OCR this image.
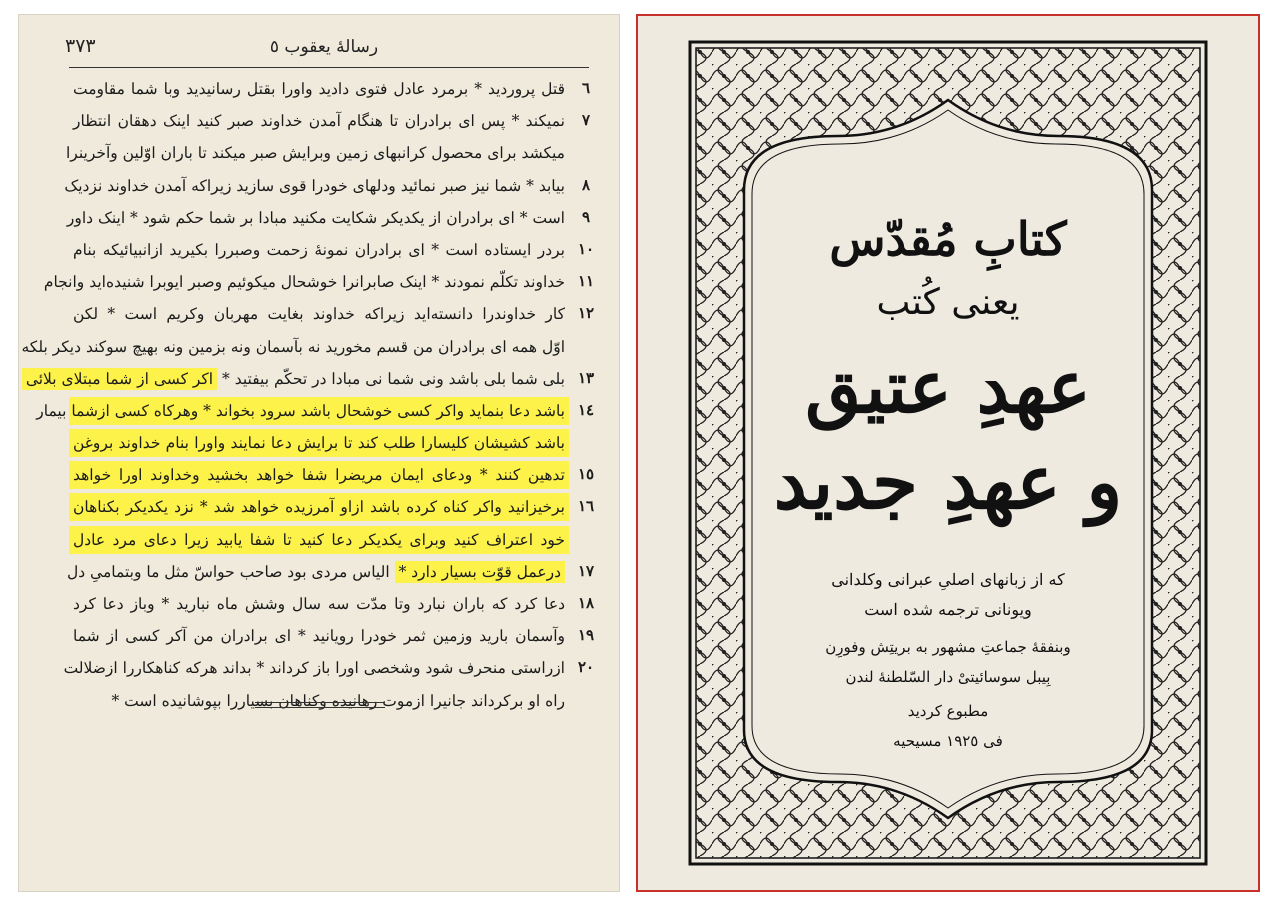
رسالهٔ یعقوب ٥
٣٧٣
٦
قتل پروردید * برمرد عادل فتوی دادید واورا بقتل رسانیدید وبا شما مقاومت
٧
نمیکند * پس ای برادران تا هنگام آمدن خداوند صبر کنید اینک دهقان انتظار
میکشد برای محصول کرانبهای زمین وبرایش صبر میکند تا باران اوّلین وآخرینرا
٨
بیابد * شما نیز صبر نمائید ودلهای خودرا قوی سازید زیراکه آمدن خداوند نزدیک
٩
است * ای برادران از یکدیکر شکایت مکنید مبادا بر شما حکم شود * اینک داور
١٠
بردر ایستاده است * ای برادران نمونهٔ زحمت وصبررا بکیرید ازانبیائیکه بنام
١١
خداوند تکلّم نمودند * اینک صابرانرا خوشحال میکوئیم وصبر ایوبرا شنیده‌اید وانجام
١٢
کار خداوندرا دانسته‌اید زیراکه خداوند بغایت مهربان وکریم است * لکن
اوّل همه ای برادران من قسم مخورید نه بآسمان ونه بزمین ونه بهیچ سوکند دیکر بلکه
١٣
بلی شما بلی باشد ونی شما نی مبادا در تحکّم بیفتید * اکر کسی از شما مبتلای بلائی
١٤
باشد دعا بنماید واکر کسی خوشحال باشد سرود بخواند * وهرکاه کسی ازشما بیمار
باشد کشیشان کلیسارا طلب کند تا برایش دعا نمایند واورا بنام خداوند بروغن
١٥
تدهین کنند * ودعای ایمان مریضرا شفا خواهد بخشید وخداوند اورا خواهد
١٦
برخیزانید واکر کناه کرده باشد ازاو آمرزیده خواهد شد * نزد یکدیکر بکناهان
خود اعتراف کنید وبرای یکدیکر دعا کنید تا شفا یابید زیرا دعای مرد عادل
١٧
درعمل قوّت بسیار دارد * الیاس مردی بود صاحب حواسّ مثل ما وبتمامیِ دل
١٨
دعا کرد که باران نبارد وتا مدّت سه سال وشش ماه نبارید * وباز دعا کرد
١٩
وآسمان بارید وزمین ثمر خودرا رویانید * ای برادران من آکر کسی از شما
٢٠
ازراستی منحرف شود وشخصی اورا باز کرداند * بداند هرکه کناهکاررا ازضلالت
راه او برکرداند جانیرا ازموت رهانیده وکناهان بسیاررا بپوشانیده است *
کتابِ مُقدّس
یعنی کُتب
عهدِ عتیق
و عهدِ جدید
که از زبانهای اصلیِ عبرانی وکلدانی
ویونانی ترجمه شده است
وبنفقهٔ جماعتِ مشهور به بریتِش وفورِن
بِیبل سوسائیتیْ دار السّلطنهٔ لندن
مطبوع کردید
فی ١٩٢٥ مسیحیه
